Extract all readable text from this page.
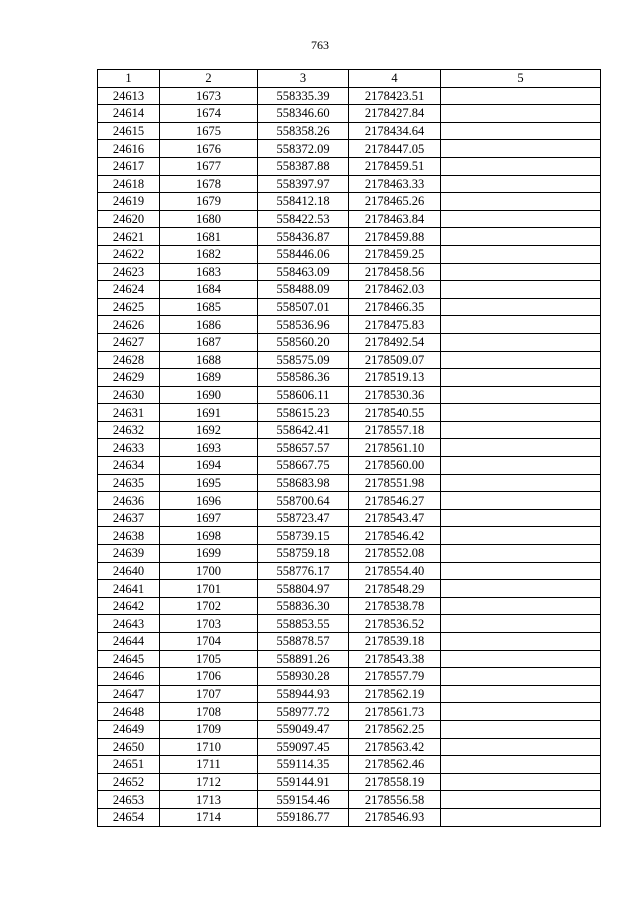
763
1	2	3	4	5
24613	1673	558335.39	2178423.51	
24614	1674	558346.60	2178427.84	
24615	1675	558358.26	2178434.64	
24616	1676	558372.09	2178447.05	
24617	1677	558387.88	2178459.51	
24618	1678	558397.97	2178463.33	
24619	1679	558412.18	2178465.26	
24620	1680	558422.53	2178463.84	
24621	1681	558436.87	2178459.88	
24622	1682	558446.06	2178459.25	
24623	1683	558463.09	2178458.56	
24624	1684	558488.09	2178462.03	
24625	1685	558507.01	2178466.35	
24626	1686	558536.96	2178475.83	
24627	1687	558560.20	2178492.54	
24628	1688	558575.09	2178509.07	
24629	1689	558586.36	2178519.13	
24630	1690	558606.11	2178530.36	
24631	1691	558615.23	2178540.55	
24632	1692	558642.41	2178557.18	
24633	1693	558657.57	2178561.10	
24634	1694	558667.75	2178560.00	
24635	1695	558683.98	2178551.98	
24636	1696	558700.64	2178546.27	
24637	1697	558723.47	2178543.47	
24638	1698	558739.15	2178546.42	
24639	1699	558759.18	2178552.08	
24640	1700	558776.17	2178554.40	
24641	1701	558804.97	2178548.29	
24642	1702	558836.30	2178538.78	
24643	1703	558853.55	2178536.52	
24644	1704	558878.57	2178539.18	
24645	1705	558891.26	2178543.38	
24646	1706	558930.28	2178557.79	
24647	1707	558944.93	2178562.19	
24648	1708	558977.72	2178561.73	
24649	1709	559049.47	2178562.25	
24650	1710	559097.45	2178563.42	
24651	1711	559114.35	2178562.46	
24652	1712	559144.91	2178558.19	
24653	1713	559154.46	2178556.58	
24654	1714	559186.77	2178546.93	
